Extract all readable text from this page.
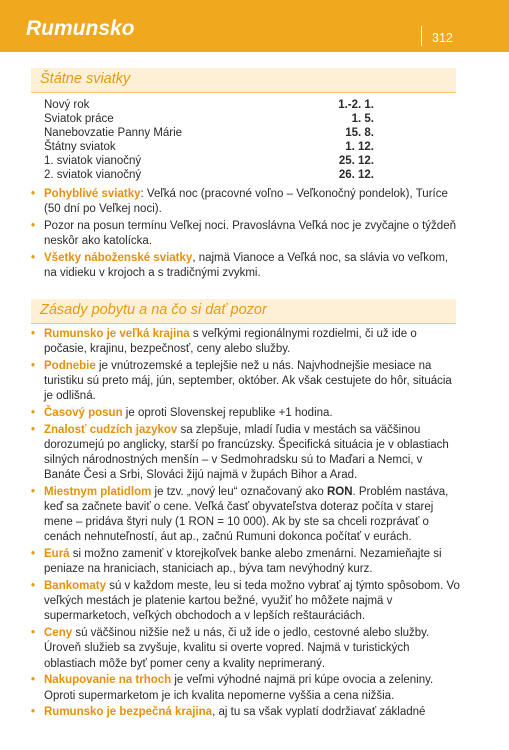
Rumunsko	312
Štátne sviatky
Nový rok	1.-2. 1.
Sviatok práce	1. 5.
Nanebovzatie Panny Márie	15. 8.
Štátny sviatok	1. 12.
1. sviatok vianočný	25. 12.
2. sviatok vianočný	26. 12.
• Pohyblivé sviatky: Veľká noc (pracovné voľno – Veľkonočný pondelok), Turíce (50 dní po Veľkej noci).
• Pozor na posun termínu Veľkej noci. Pravoslávna Veľká noc je zvyčajne o týždeň neskôr ako katolícka.
• Všetky náboženské sviatky, najmä Vianoce a Veľká noc, sa slávia vo veľkom, na vidieku v krojoch a s tradičnými zvykmi.
Zásady pobytu a na čo si dať pozor
• Rumunsko je veľká krajina s veľkými regionálnymi rozdielmi, či už ide o počasie, krajinu, bezpečnosť, ceny alebo služby.
• Podnebie je vnútrozemské a teplejšie než u nás. Najvhodnejšie mesiace na turistiku sú preto máj, jún, september, október. Ak však cestujete do hôr, situácia je odlišná.
• Časový posun je oproti Slovenskej republike +1 hodina.
• Znalosť cudzích jazykov sa zlepšuje, mladí ľudia v mestách sa väčšinou dorozumejú po anglicky, starší po francúzsky. Špecifická situácia je v oblastiach silných národnostných menšín – v Sedmohradsku sú to Maďari a Nemci, v Banáte Česi a Srbi, Slováci žijú najmä v župách Bihor a Arad.
• Miestnym platidlom je tzv. „nový leu“ označovaný ako RON. Problém nastáva, keď sa začnete baviť o cene. Veľká časť obyvateľstva doteraz počíta v starej mene – pridáva štyri nuly (1 RON = 10 000). Ak by ste sa chceli rozprávať o cenách nehnuteľností, áut ap., začnú Rumuni dokonca počítať v eurách.
• Eurá si možno zameniť v ktorejkoľvek banke alebo zmenárni. Nezamieňajte si peniaze na hraniciach, staniciach ap., býva tam nevýhodný kurz.
• Bankomaty sú v každom meste, leu si teda možno vybrať aj týmto spôsobom. Vo veľkých mestách je platenie kartou bežné, využiť ho môžete najmä v supermarketoch, veľkých obchodoch a v lepších reštauráciách.
• Ceny sú väčšinou nižšie než u nás, či už ide o jedlo, cestovné alebo služby. Úroveň služieb sa zvyšuje, kvalitu si overte vopred. Najmä v turistických oblastiach môže byť pomer ceny a kvality neprimeraný.
• Nakupovanie na trhoch je veľmi výhodné najmä pri kúpe ovocia a zeleniny. Oproti supermarketom je ich kvalita nepomerne vyššia a cena nižšia.
• Rumunsko je bezpečná krajina, aj tu sa však vyplatí dodržiavať základné
